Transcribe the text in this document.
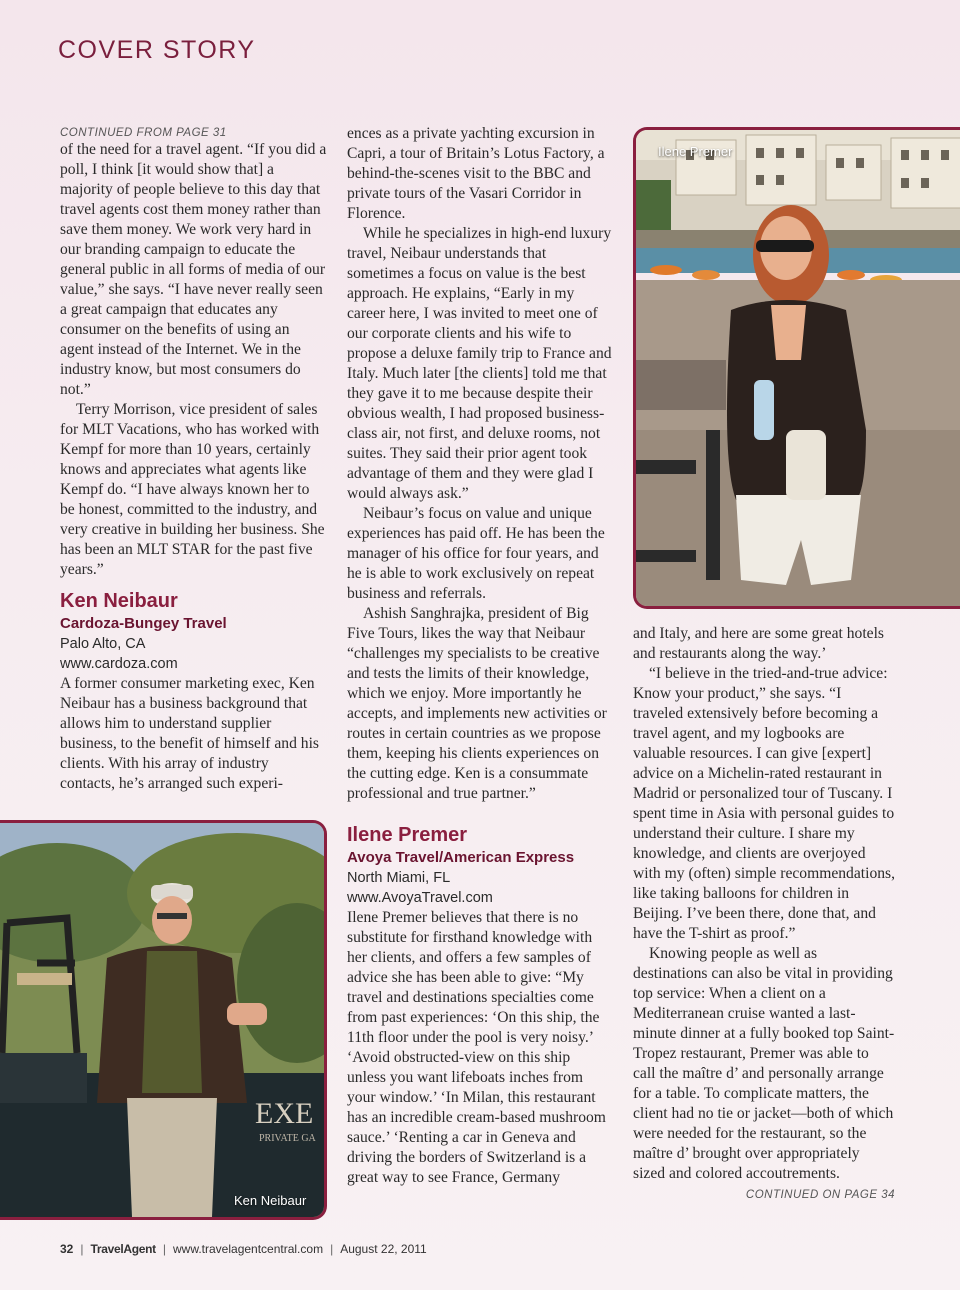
COVER STORY
CONTINUED FROM PAGE 31

of the need for a travel agent. “If you did a poll, I think [it would show that] a majority of people believe to this day that travel agents cost them money rather than save them money. We work very hard in our branding campaign to educate the general public in all forms of media of our value,” she says. “I have never really seen a great campaign that educates any consumer on the benefits of using an agent instead of the Internet. We in the industry know, but most consumers do not.”

Terry Morrison, vice president of sales for MLT Vacations, who has worked with Kempf for more than 10 years, certainly knows and appreciates what agents like Kempf do. “I have always known her to be honest, committed to the industry, and very creative in building her business. She has been an MLT STAR for the past five years.”

Ken Neibaur
Cardoza-Bungey Travel
Palo Alto, CA
www.cardoza.com

A former consumer marketing exec, Ken Neibaur has a business background that allows him to understand supplier business, to the benefit of himself and his clients. With his array of industry contacts, he’s arranged such experi-

ences as a private yachting excursion in Capri, a tour of Britain’s Lotus Factory, a behind-the-scenes visit to the BBC and private tours of the Vasari Corridor in Florence.

While he specializes in high-end luxury travel, Neibaur understands that sometimes a focus on value is the best approach. He explains, “Early in my career here, I was invited to meet one of our corporate clients and his wife to propose a deluxe family trip to France and Italy. Much later [the clients] told me that they gave it to me because despite their obvious wealth, I had proposed business-class air, not first, and deluxe rooms, not suites. They said their prior agent took advantage of them and they were glad I would always ask.”

Neibaur’s focus on value and unique experiences has paid off. He has been the manager of his office for four years, and he is able to work exclusively on repeat business and referrals.

Ashish Sanghrajka, president of Big Five Tours, likes the way that Neibaur “challenges my specialists to be creative and tests the limits of their knowledge, which we enjoy. More importantly he accepts, and implements new activities or routes in certain countries as we propose them, keeping his clients experiences on the cutting edge. Ken is a consummate professional and true partner.”

Ilene Premer
Avoya Travel/American Express
North Miami, FL
www.AvoyaTravel.com

Ilene Premer believes that there is no substitute for firsthand knowledge with her clients, and offers a few samples of advice she has been able to give: “My travel and destinations specialties come from past experiences: ‘On this ship, the 11th floor under the pool is very noisy.’ ‘Avoid obstructed-view on this ship unless you want lifeboats inches from your window.’ ‘In Milan, this restaurant has an incredible cream-based mushroom sauce.’ ‘Renting a car in Geneva and driving the borders of Switzerland is a great way to see France, Germany

and Italy, and here are some great hotels and restaurants along the way.’

“I believe in the tried-and-true advice: Know your product,” she says. “I traveled extensively before becoming a travel agent, and my logbooks are valuable resources. I can give [expert] advice on a Michelin-rated restaurant in Madrid or personalized tour of Tuscany. I spent time in Asia with personal guides to understand their culture. I share my knowledge, and clients are overjoyed with my (often) simple recommendations, like taking balloons for children in Beijing. I’ve been there, done that, and have the T-shirt as proof.”

Knowing people as well as destinations can also be vital in providing top service: When a client on a Mediterranean cruise wanted a last-minute dinner at a fully booked top Saint-Tropez restaurant, Premer was able to call the maître d’ and personally arrange for a table. To complicate matters, the client had no tie or jacket—both of which were needed for the restaurant, so the maître d’ brought over appropriately sized and colored accoutrements.

CONTINUED ON PAGE 34
Ilene Premer
EXE
PRIVATE GA
Ken Neibaur
32 | TravelAgent | www.travelagentcentral.com | August 22, 2011
